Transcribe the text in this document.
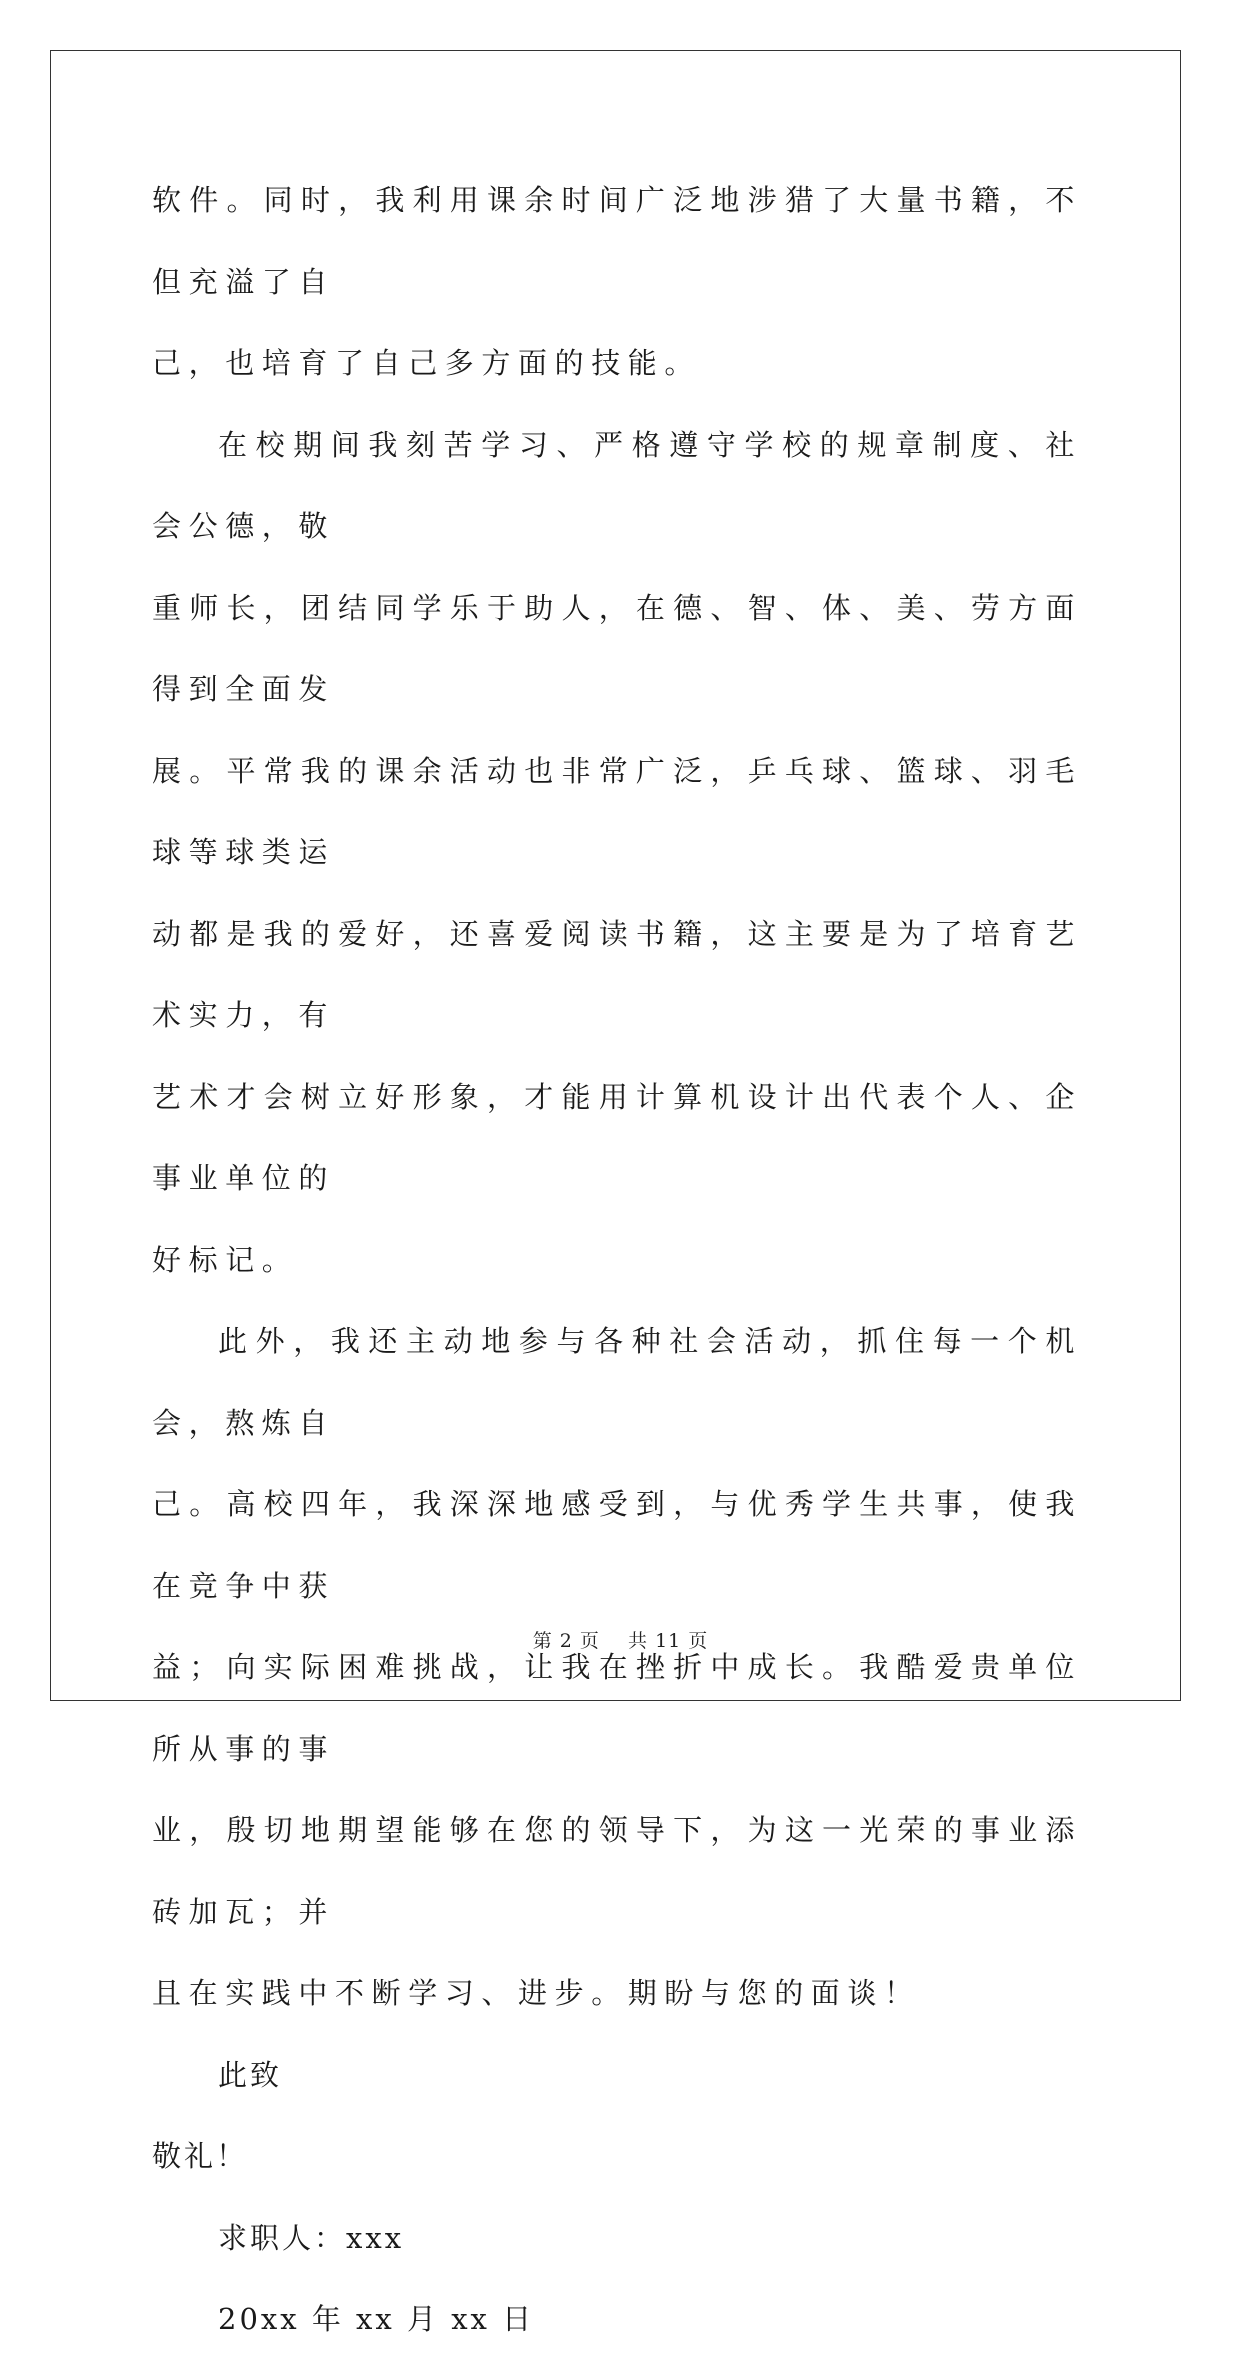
软件。同时，我利用课余时间广泛地涉猎了大量书籍，不但充溢了自
己，也培育了自己多方面的技能。

在校期间我刻苦学习、严格遵守学校的规章制度、社会公德，敬
重师长，团结同学乐于助人，在德、智、体、美、劳方面得到全面发
展。平常我的课余活动也非常广泛，乒乓球、篮球、羽毛球等球类运
动都是我的爱好，还喜爱阅读书籍，这主要是为了培育艺术实力，有
艺术才会树立好形象，才能用计算机设计出代表个人、企事业单位的
好标记。

此外，我还主动地参与各种社会活动，抓住每一个机会，熬炼自
己。高校四年，我深深地感受到，与优秀学生共事，使我在竞争中获
益；向实际困难挑战，让我在挫折中成长。我酷爱贵单位所从事的事
业，殷切地期望能够在您的领导下，为这一光荣的事业添砖加瓦；并
且在实践中不断学习、进步。期盼与您的面谈！

此致

敬礼！

求职人：xxx

20xx 年 xx 月 xx 日

第 2 页 共 11 页
